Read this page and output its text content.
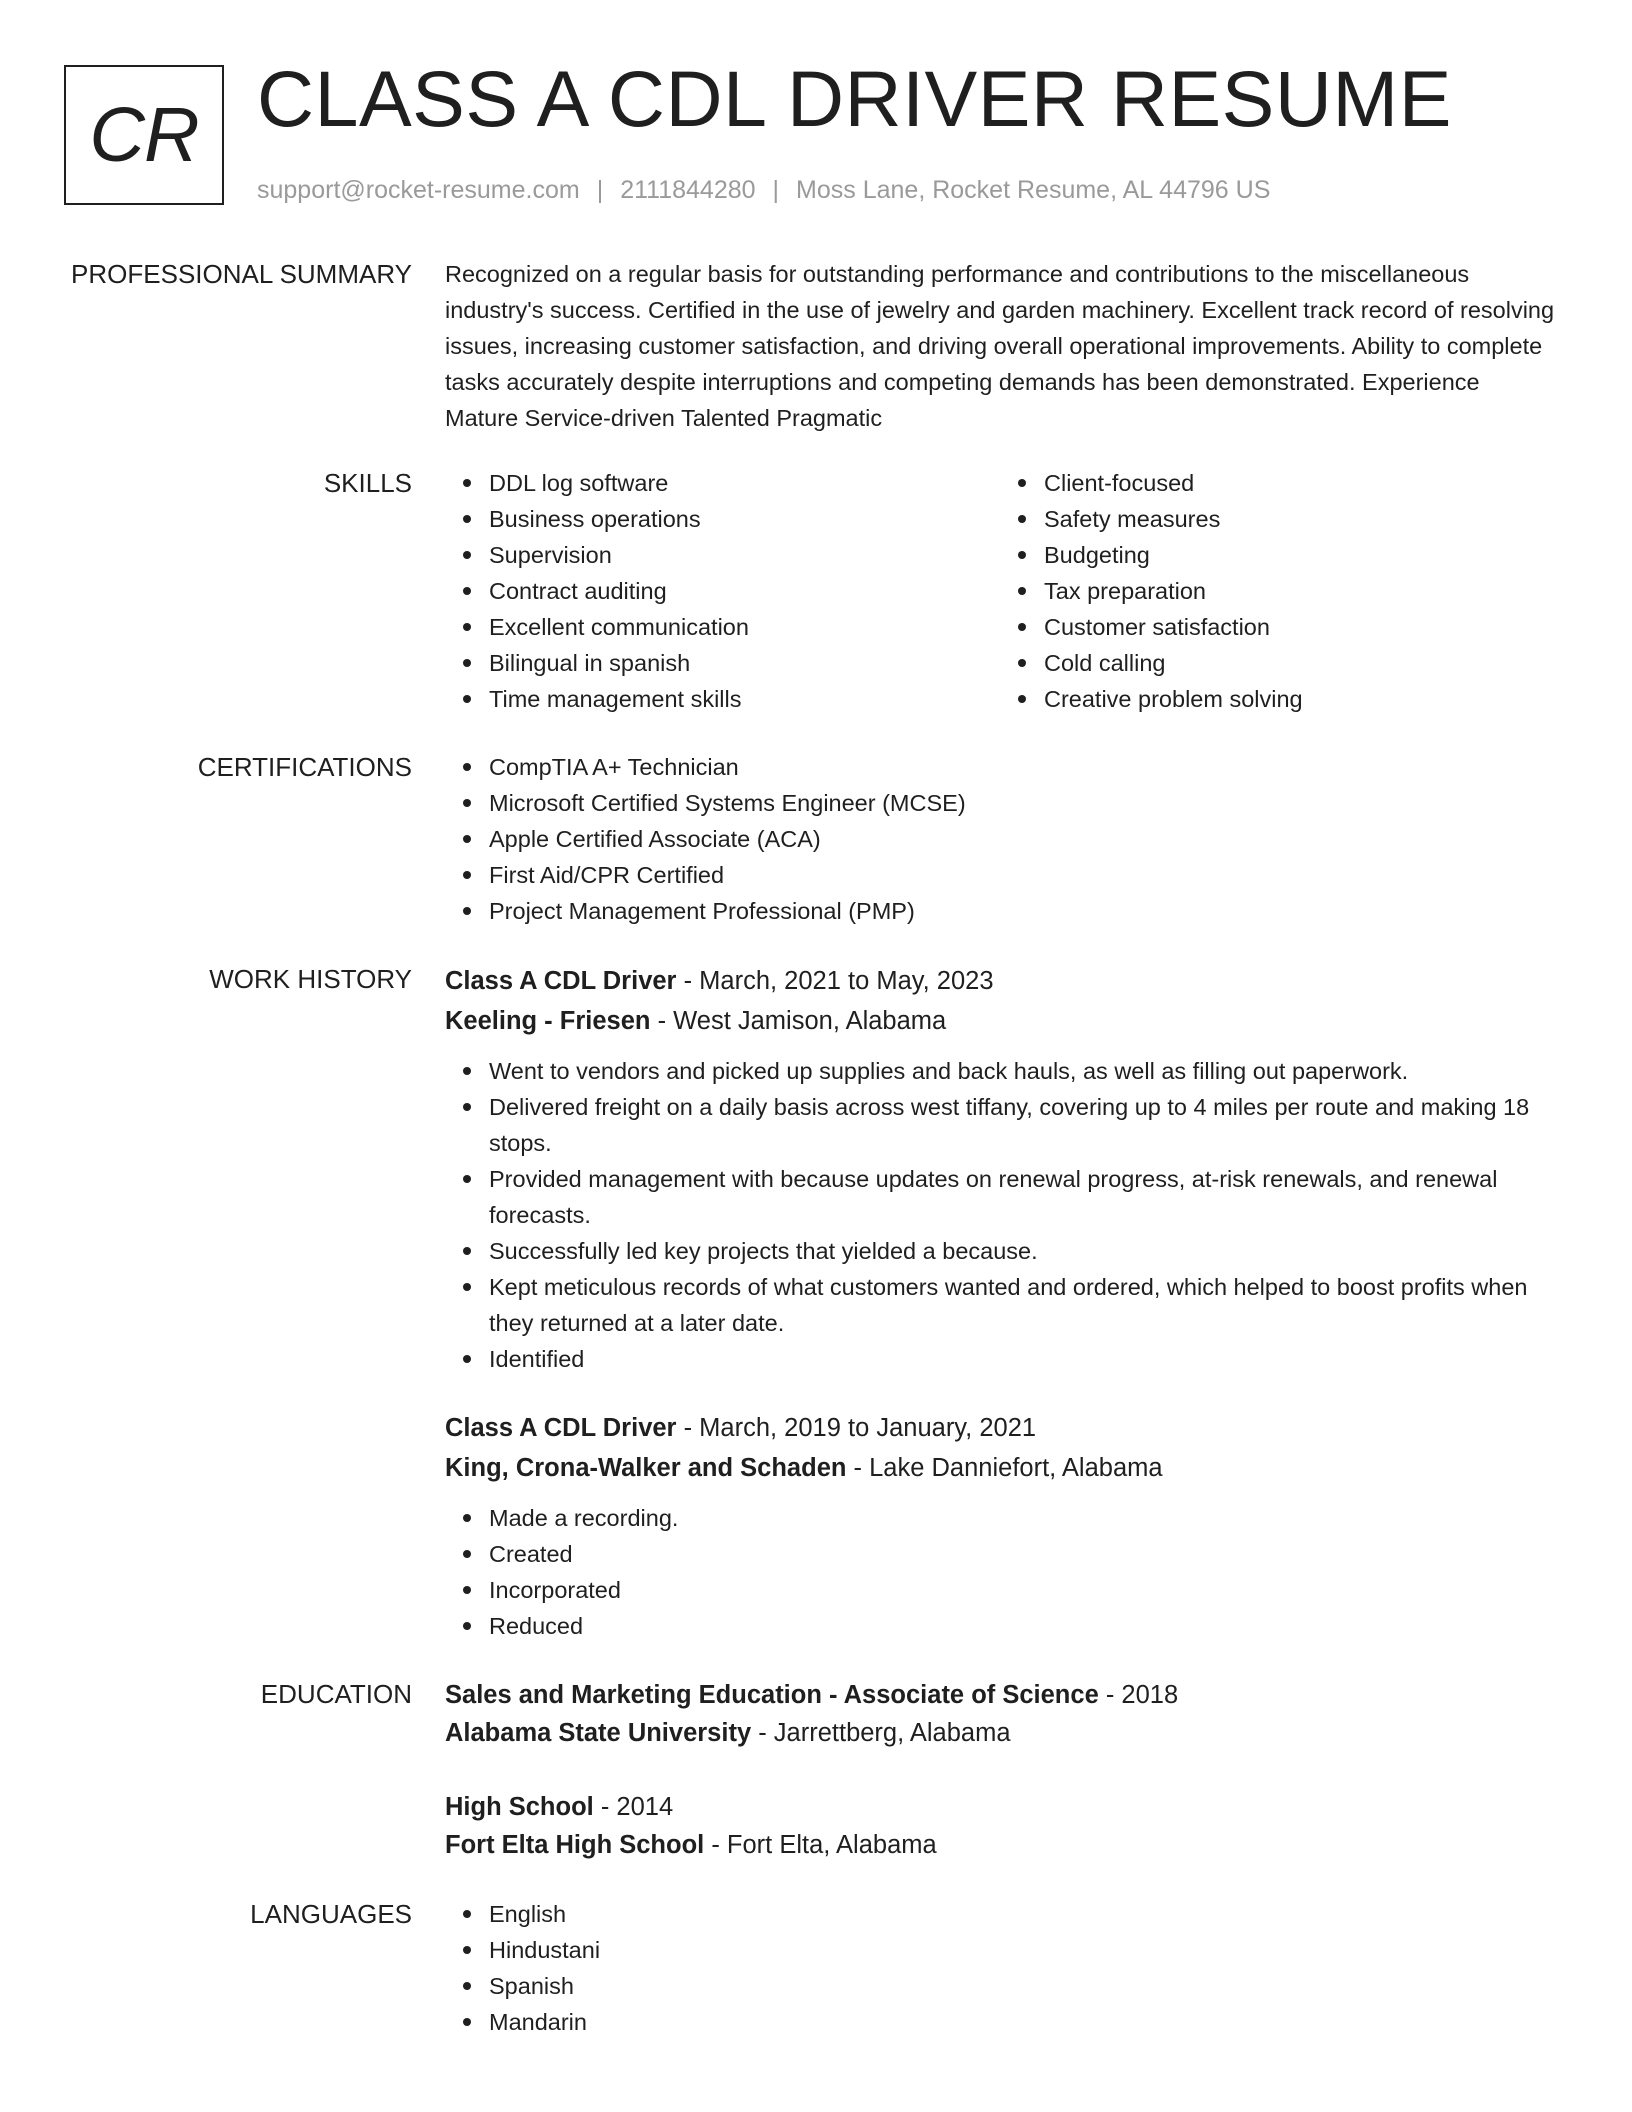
CR CLASS A CDL DRIVER RESUME
support@rocket-resume.com | 2111844280 | Moss Lane, Rocket Resume, AL 44796 US
PROFESSIONAL SUMMARY Recognized on a regular basis for outstanding performance and contributions to the miscellaneous industry's success. Certified in the use of jewelry and garden machinery. Excellent track record of resolving issues, increasing customer satisfaction, and driving overall operational improvements. Ability to complete tasks accurately despite interruptions and competing demands has been demonstrated. Experience Mature Service-driven Talented Pragmatic
SKILLS	DDL log software
Business operations
Supervision
Contract auditing
Excellent communication
Bilingual in spanish
Time management skills
Client-focused
Safety measures
Budgeting
Tax preparation
Customer satisfaction
Cold calling
Creative problem solving
CERTIFICATIONS	CompTIA A+ Technician
Microsoft Certified Systems Engineer (MCSE)
Apple Certified Associate (ACA)
First Aid/CPR Certified
Project Management Professional (PMP)
WORK HISTORY Class A CDL Driver - March, 2021 to May, 2023
Keeling - Friesen - West Jamison, Alabama
Went to vendors and picked up supplies and back hauls, as well as filling out paperwork.
Delivered freight on a daily basis across west tiffany, covering up to 4 miles per route and making 18 stops.
Provided management with because updates on renewal progress, at-risk renewals, and renewal forecasts.
Successfully led key projects that yielded a because.
Kept meticulous records of what customers wanted and ordered, which helped to boost profits when they returned at a later date.
Identified
Class A CDL Driver - March, 2019 to January, 2021
King, Crona-Walker and Schaden - Lake Danniefort, Alabama
Made a recording.
Created
Incorporated
Reduced
EDUCATION Sales and Marketing Education - Associate of Science - 2018
Alabama State University - Jarrettberg, Alabama
High School - 2014
Fort Elta High School - Fort Elta, Alabama
LANGUAGES	English
Hindustani
Spanish
Mandarin
